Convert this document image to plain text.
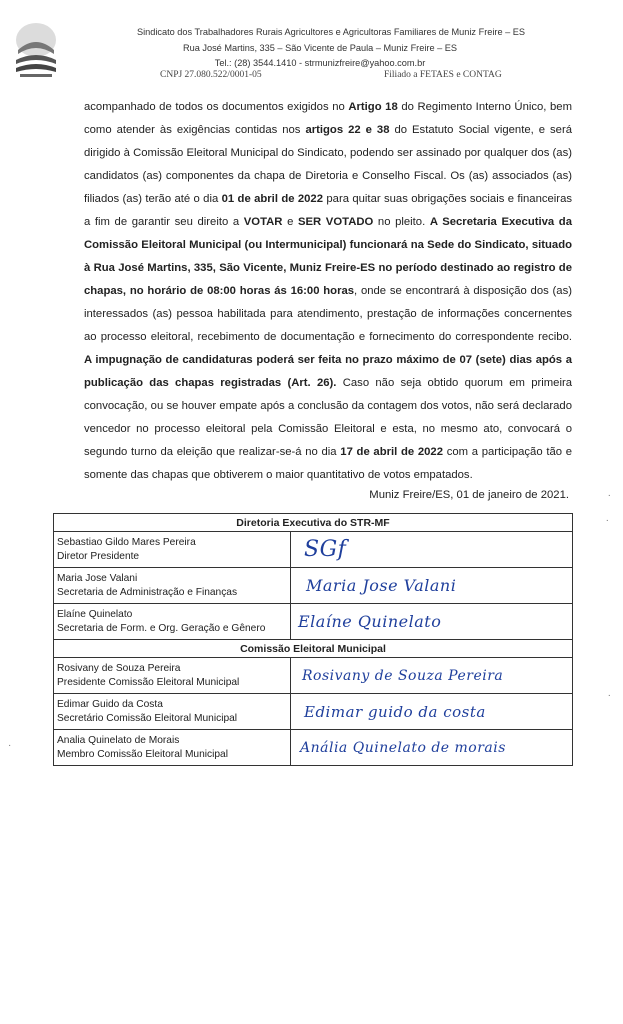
Sindicato dos Trabalhadores Rurais Agricultores e Agricultoras Familiares de Muniz Freire – ES
Rua José Martins, 335 – São Vicente de Paula – Muniz Freire – ES
Tel.: (28) 3544.1410 - strmunizfreire@yahoo.com.br
CNPJ 27.080.522/0001-05	Filiado a FETAES e CONTAG
acompanhado de todos os documentos exigidos no Artigo 18 do Regimento Interno Único, bem como atender às exigências contidas nos artigos 22 e 38 do Estatuto Social vigente, e será dirigido à Comissão Eleitoral Municipal do Sindicato, podendo ser assinado por qualquer dos (as) candidatos (as) componentes da chapa de Diretoria e Conselho Fiscal. Os (as) associados (as) filiados (as) terão até o dia 01 de abril de 2022 para quitar suas obrigações sociais e financeiras a fim de garantir seu direito a VOTAR e SER VOTADO no pleito. A Secretaria Executiva da Comissão Eleitoral Municipal (ou Intermunicipal) funcionará na Sede do Sindicato, situado à Rua José Martins, 335, São Vicente, Muniz Freire-ES no período destinado ao registro de chapas, no horário de 08:00 horas ás 16:00 horas, onde se encontrará à disposição dos (as) interessados (as) pessoa habilitada para atendimento, prestação de informações concernentes ao processo eleitoral, recebimento de documentação e fornecimento do correspondente recibo. A impugnação de candidaturas poderá ser feita no prazo máximo de 07 (sete) dias após a publicação das chapas registradas (Art. 26). Caso não seja obtido quorum em primeira convocação, ou se houver empate após a conclusão da contagem dos votos, não será declarado vencedor no processo eleitoral pela Comissão Eleitoral e esta, no mesmo ato, convocará o segundo turno da eleição que realizar-se-á no dia 17 de abril de 2022 com a participação tão e somente das chapas que obtiverem o maior quantitativo de votos empatados.
Muniz Freire/ES, 01 de janeiro de 2021.
Diretoria Executiva do STR-MF	

Sebastiao Gildo Mares Pereira
Diretor Presidente	SGf

Maria Jose Valani
Secretaria de Administração e Finanças	Maria Jose Valani

Elaíne Quinelato
Secretaria de Form. e Org. Geração e Gênero	Elaíne Quinelato
Comissão Eleitoral Municipal	

Rosivany de Souza Pereira
Presidente Comissão Eleitoral Municipal	Rosivany de Souza Pereira

Edimar Guido da Costa
Secretário Comissão Eleitoral Municipal	Edimar guido da costa

Analia Quinelato de Morais
Membro Comissão Eleitoral Municipal	Anália Quinelato de morais
·
·
·
·
